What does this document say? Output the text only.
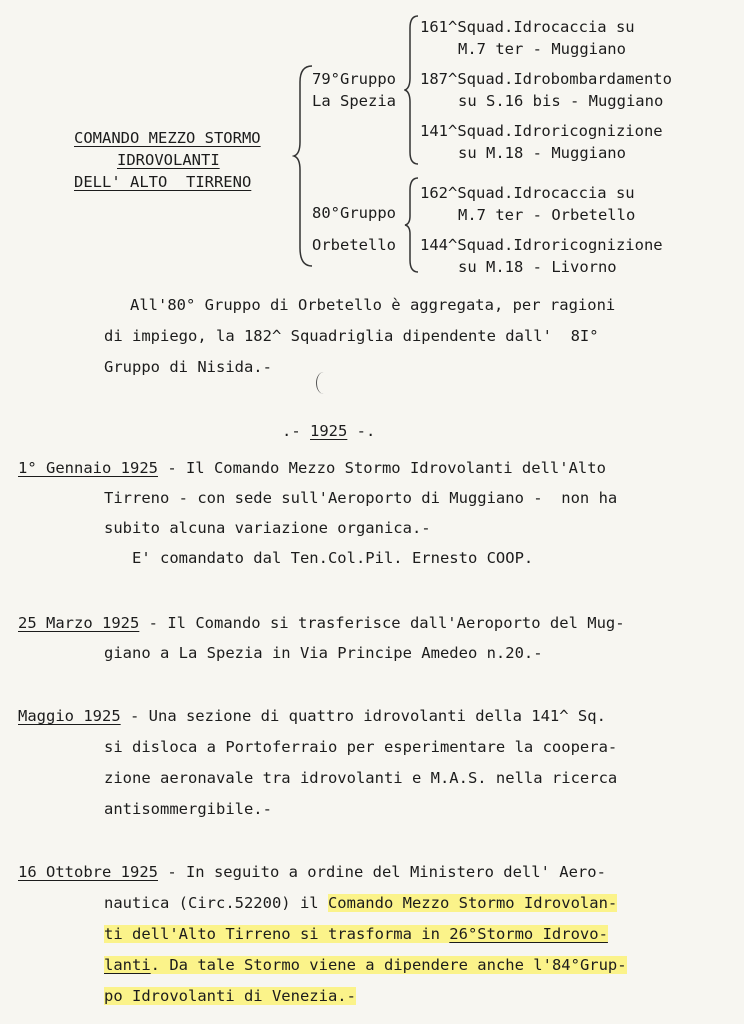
COMANDO MEZZO STORMO
IDROVOLANTI
DELL' ALTO  TIRRENO
79°Gruppo
La Spezia
161^Squad.Idrocaccia su
M.7 ter - Muggiano
187^Squad.Idrobombardamento
su S.16 bis - Muggiano
141^Squad.Idroricognizione
su M.18 - Muggiano
80°Gruppo
Orbetello
162^Squad.Idrocaccia su
M.7 ter - Orbetello
144^Squad.Idroricognizione
su M.18 - Livorno
All'80° Gruppo di Orbetello è aggregata, per ragioni
di impiego, la 182^ Squadriglia dipendente dall'  8I°
Gruppo di Nisida.-
.- 1925 -.
1° Gennaio 1925 - Il Comando Mezzo Stormo Idrovolanti dell'Alto
Tirreno - con sede sull'Aeroporto di Muggiano -  non ha
subito alcuna variazione organica.-
E' comandato dal Ten.Col.Pil. Ernesto COOP.
25 Marzo 1925 - Il Comando si trasferisce dall'Aeroporto del Mug-
giano a La Spezia in Via Principe Amedeo n.20.-
Maggio 1925 - Una sezione di quattro idrovolanti della 141^ Sq.
si disloca a Portoferraio per esperimentare la coopera-
zione aeronavale tra idrovolanti e M.A.S. nella ricerca
antisommergibile.-
16 Ottobre 1925 - In seguito a ordine del Ministero dell' Aero-
nautica (Circ.52200) il Comando Mezzo Stormo Idrovolan-
ti dell'Alto Tirreno si trasforma in 26°Stormo Idrovo-
lanti. Da tale Stormo viene a dipendere anche l'84°Grup-
po Idrovolanti di Venezia.-
